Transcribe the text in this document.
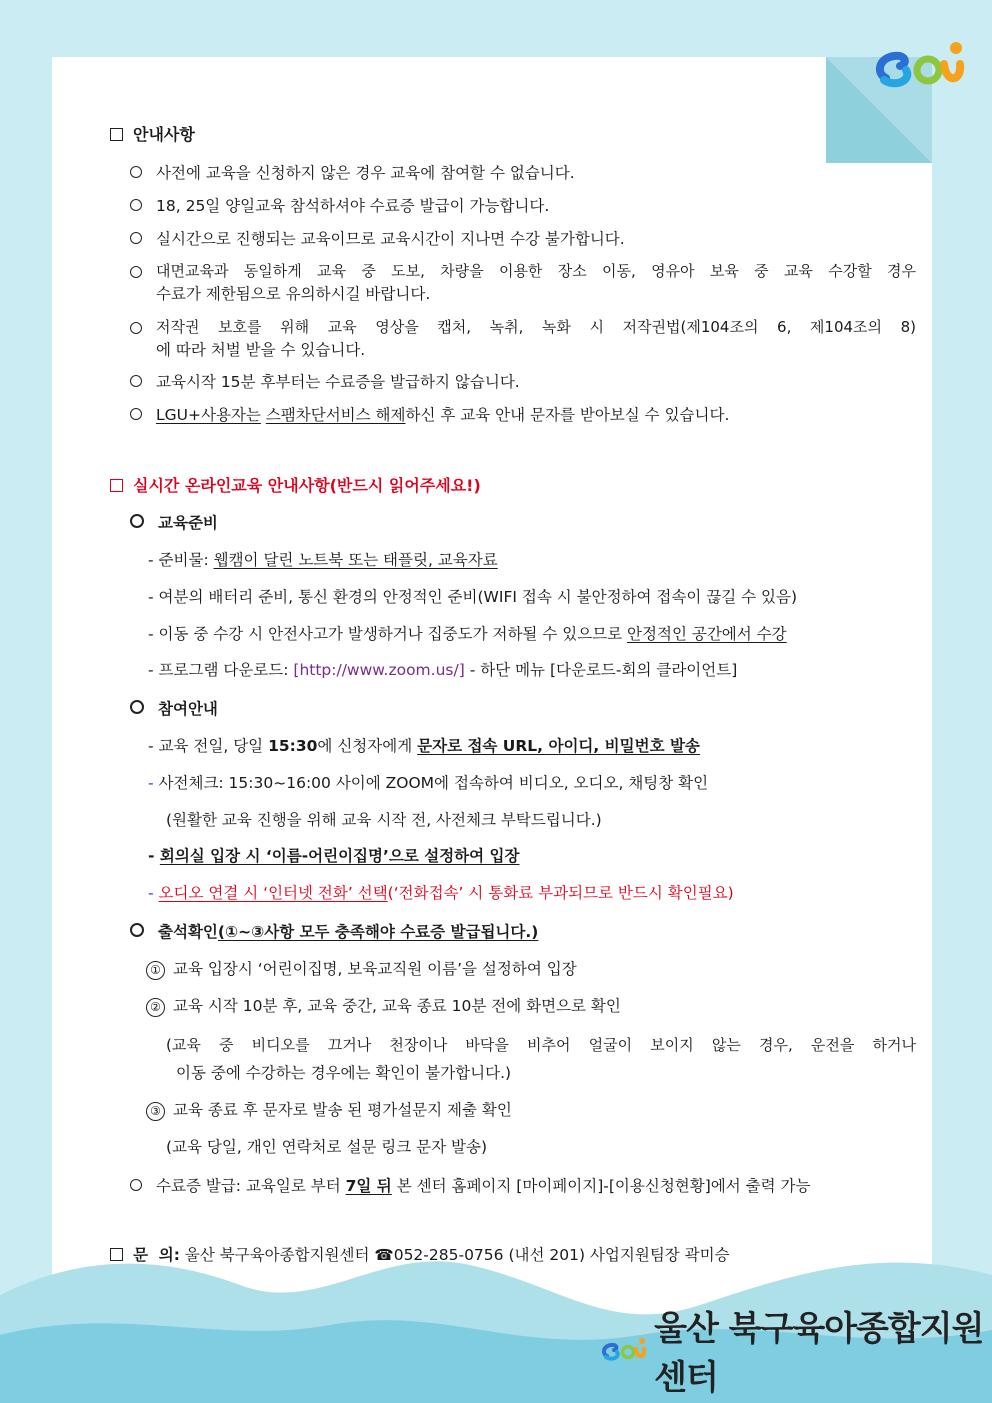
안내사항
사전에 교육을 신청하지 않은 경우 교육에 참여할 수 없습니다.
18, 25일 양일교육 참석하셔야 수료증 발급이 가능합니다.
실시간으로 진행되는 교육이므로 교육시간이 지나면 수강 불가합니다.
대면교육과 동일하게 교육 중 도보, 차량을 이용한 장소 이동, 영유아 보육 중 교육 수강할 경우
수료가 제한됨으로 유의하시길 바랍니다.
저작권 보호를 위해 교육 영상을 캡처, 녹취, 녹화 시 저작권법(제104조의 6, 제104조의 8)
에 따라 처벌 받을 수 있습니다.
교육시작 15분 후부터는 수료증을 발급하지 않습니다.
LGU+사용자는 스팸차단서비스 해제하신 후 교육 안내 문자를 받아보실 수 있습니다.
실시간 온라인교육 안내사항(반드시 읽어주세요!)
교육준비
- 준비물: 웹캠이 달린 노트북 또는 태플릿, 교육자료
- 여분의 배터리 준비, 통신 환경의 안정적인 준비(WIFI 접속 시 불안정하여 접속이 끊길 수 있음)
- 이동 중 수강 시 안전사고가 발생하거나 집중도가 저하될 수 있으므로 안정적인 공간에서 수강
- 프로그램 다운로드: [http://www.zoom.us/] - 하단 메뉴 [다운로드-회의 클라이언트]
참여안내
- 교육 전일, 당일 15:30에 신청자에게 문자로 접속 URL, 아이디, 비밀번호 발송
- 사전체크: 15:30~16:00 사이에 ZOOM에 접속하여 비디오, 오디오, 채팅창 확인
(원활한 교육 진행을 위해 교육 시작 전, 사전체크 부탁드립니다.)
- 회의실 입장 시 ‘이름-어린이집명’으로 설정하여 입장
- 오디오 연결 시 ‘인터넷 전화’ 선택(‘전화접속’ 시 통화료 부과되므로 반드시 확인필요)
출석확인(①~③사항 모두 충족해야 수료증 발급됩니다.)
① 교육 입장시 ‘어린이집명, 보육교직원 이름’을 설정하여 입장
② 교육 시작 10분 후, 교육 중간, 교육 종료 10분 전에 화면으로 확인
(교육 중 비디오를 끄거나 천장이나 바닥을 비추어 얼굴이 보이지 않는 경우, 운전을 하거나
이동 중에 수강하는 경우에는 확인이 불가합니다.)
③ 교육 종료 후 문자로 발송 된 평가설문지 제출 확인
(교육 당일, 개인 연락처로 설문 링크 문자 발송)
수료증 발급: 교육일로 부터 7일 뒤 본 센터 홈페이지 [마이페이지]-[이용신청현황]에서 출력 가능
문  의: 울산 북구육아종합지원센터 ☎052-285-0756 (내선 201) 사업지원팀장 곽미승
울산 북구육아종합지원센터
